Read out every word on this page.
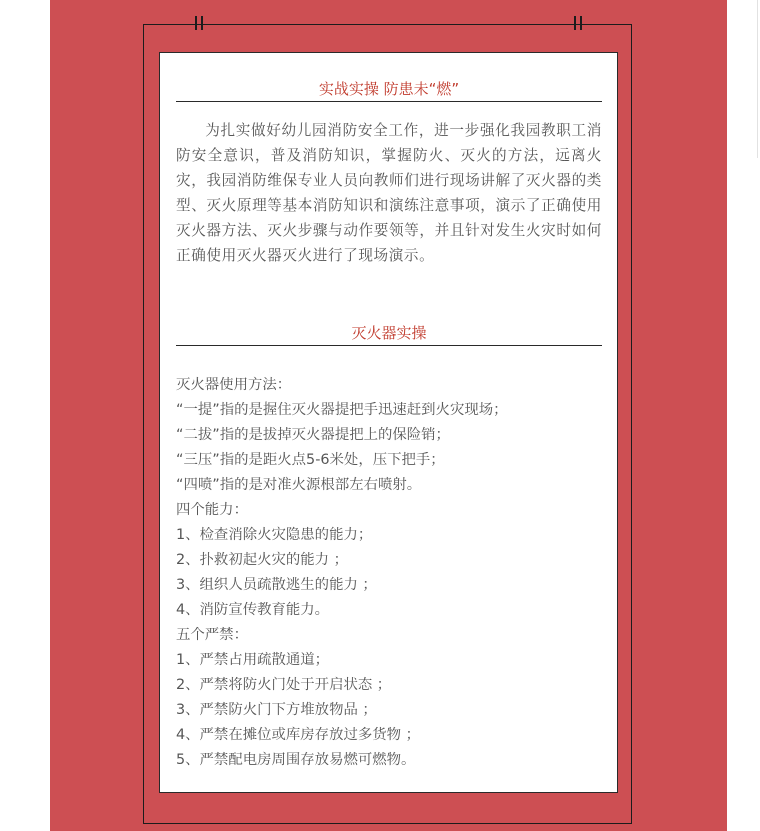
实战实操 防患未“燃”

为扎实做好幼儿园消防安全工作，进一步强化我园教职工消防安全意识，普及消防知识，掌握防火、灭火的方法，远离火灾，我园消防维保专业人员向教师们进行现场讲解了灭火器的类型、灭火原理等基本消防知识和演练注意事项，演示了正确使用灭火器方法、灭火步骤与动作要领等，并且针对发生火灾时如何正确使用灭火器灭火进行了现场演示。

灭火器实操
灭火器使用方法：
“一提”指的是握住灭火器提把手迅速赶到火灾现场；
“二拔”指的是拔掉灭火器提把上的保险销；
“三压”指的是距火点5-6米处，压下把手；
“四喷”指的是对准火源根部左右喷射。
四个能力：
1、检查消除火灾隐患的能力；
2、扑救初起火灾的能力 ；
3、组织人员疏散逃生的能力 ；
4、消防宣传教育能力。
五个严禁：
1、严禁占用疏散通道；
2、严禁将防火门处于开启状态 ；
3、严禁防火门下方堆放物品 ；
4、严禁在摊位或库房存放过多货物 ；
5、严禁配电房周围存放易燃可燃物。
